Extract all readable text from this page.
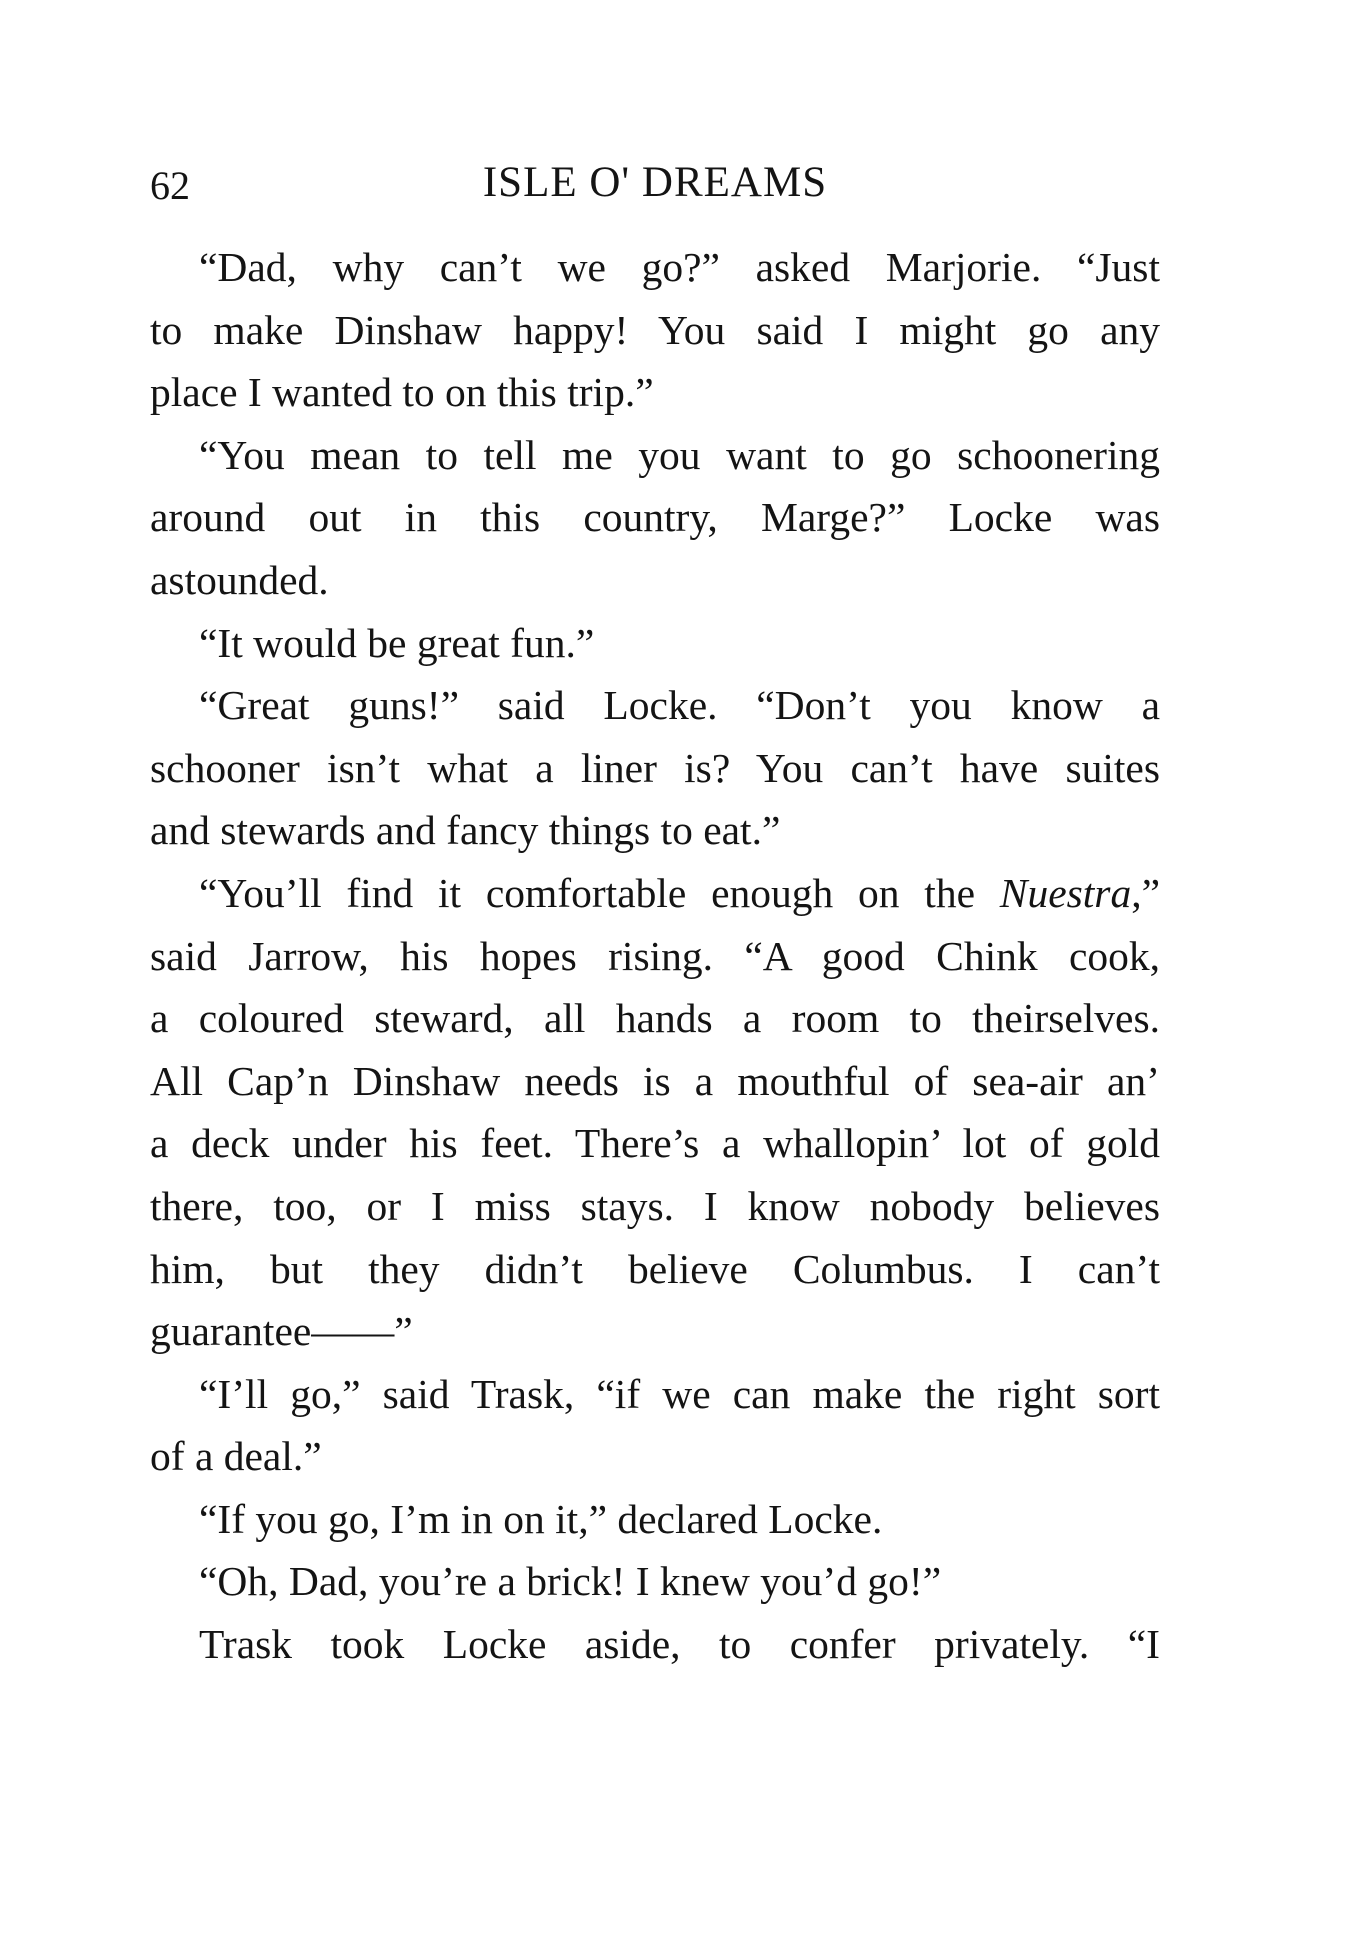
62	ISLE O' DREAMS

“Dad, why can’t we go?” asked Marjorie. “Just
to make Dinshaw happy! You said I might go any
place I wanted to on this trip.”

“You mean to tell me you want to go schoonering
around out in this country, Marge?” Locke was
astounded.

“It would be great fun.”

“Great guns!” said Locke. “Don’t you know a
schooner isn’t what a liner is? You can’t have suites
and stewards and fancy things to eat.”

“You’ll find it comfortable enough on the Nuestra,”
said Jarrow, his hopes rising. “A good Chink cook,
a coloured steward, all hands a room to theirselves.
All Cap’n Dinshaw needs is a mouthful of sea-air an’
a deck under his feet. There’s a whallopin’ lot of gold
there, too, or I miss stays. I know nobody believes
him, but they didn’t believe Columbus. I can’t
guarantee——”

“I’ll go,” said Trask, “if we can make the right sort
of a deal.”

“If you go, I’m in on it,” declared Locke.

“Oh, Dad, you’re a brick! I knew you’d go!”

Trask took Locke aside, to confer privately. “I
